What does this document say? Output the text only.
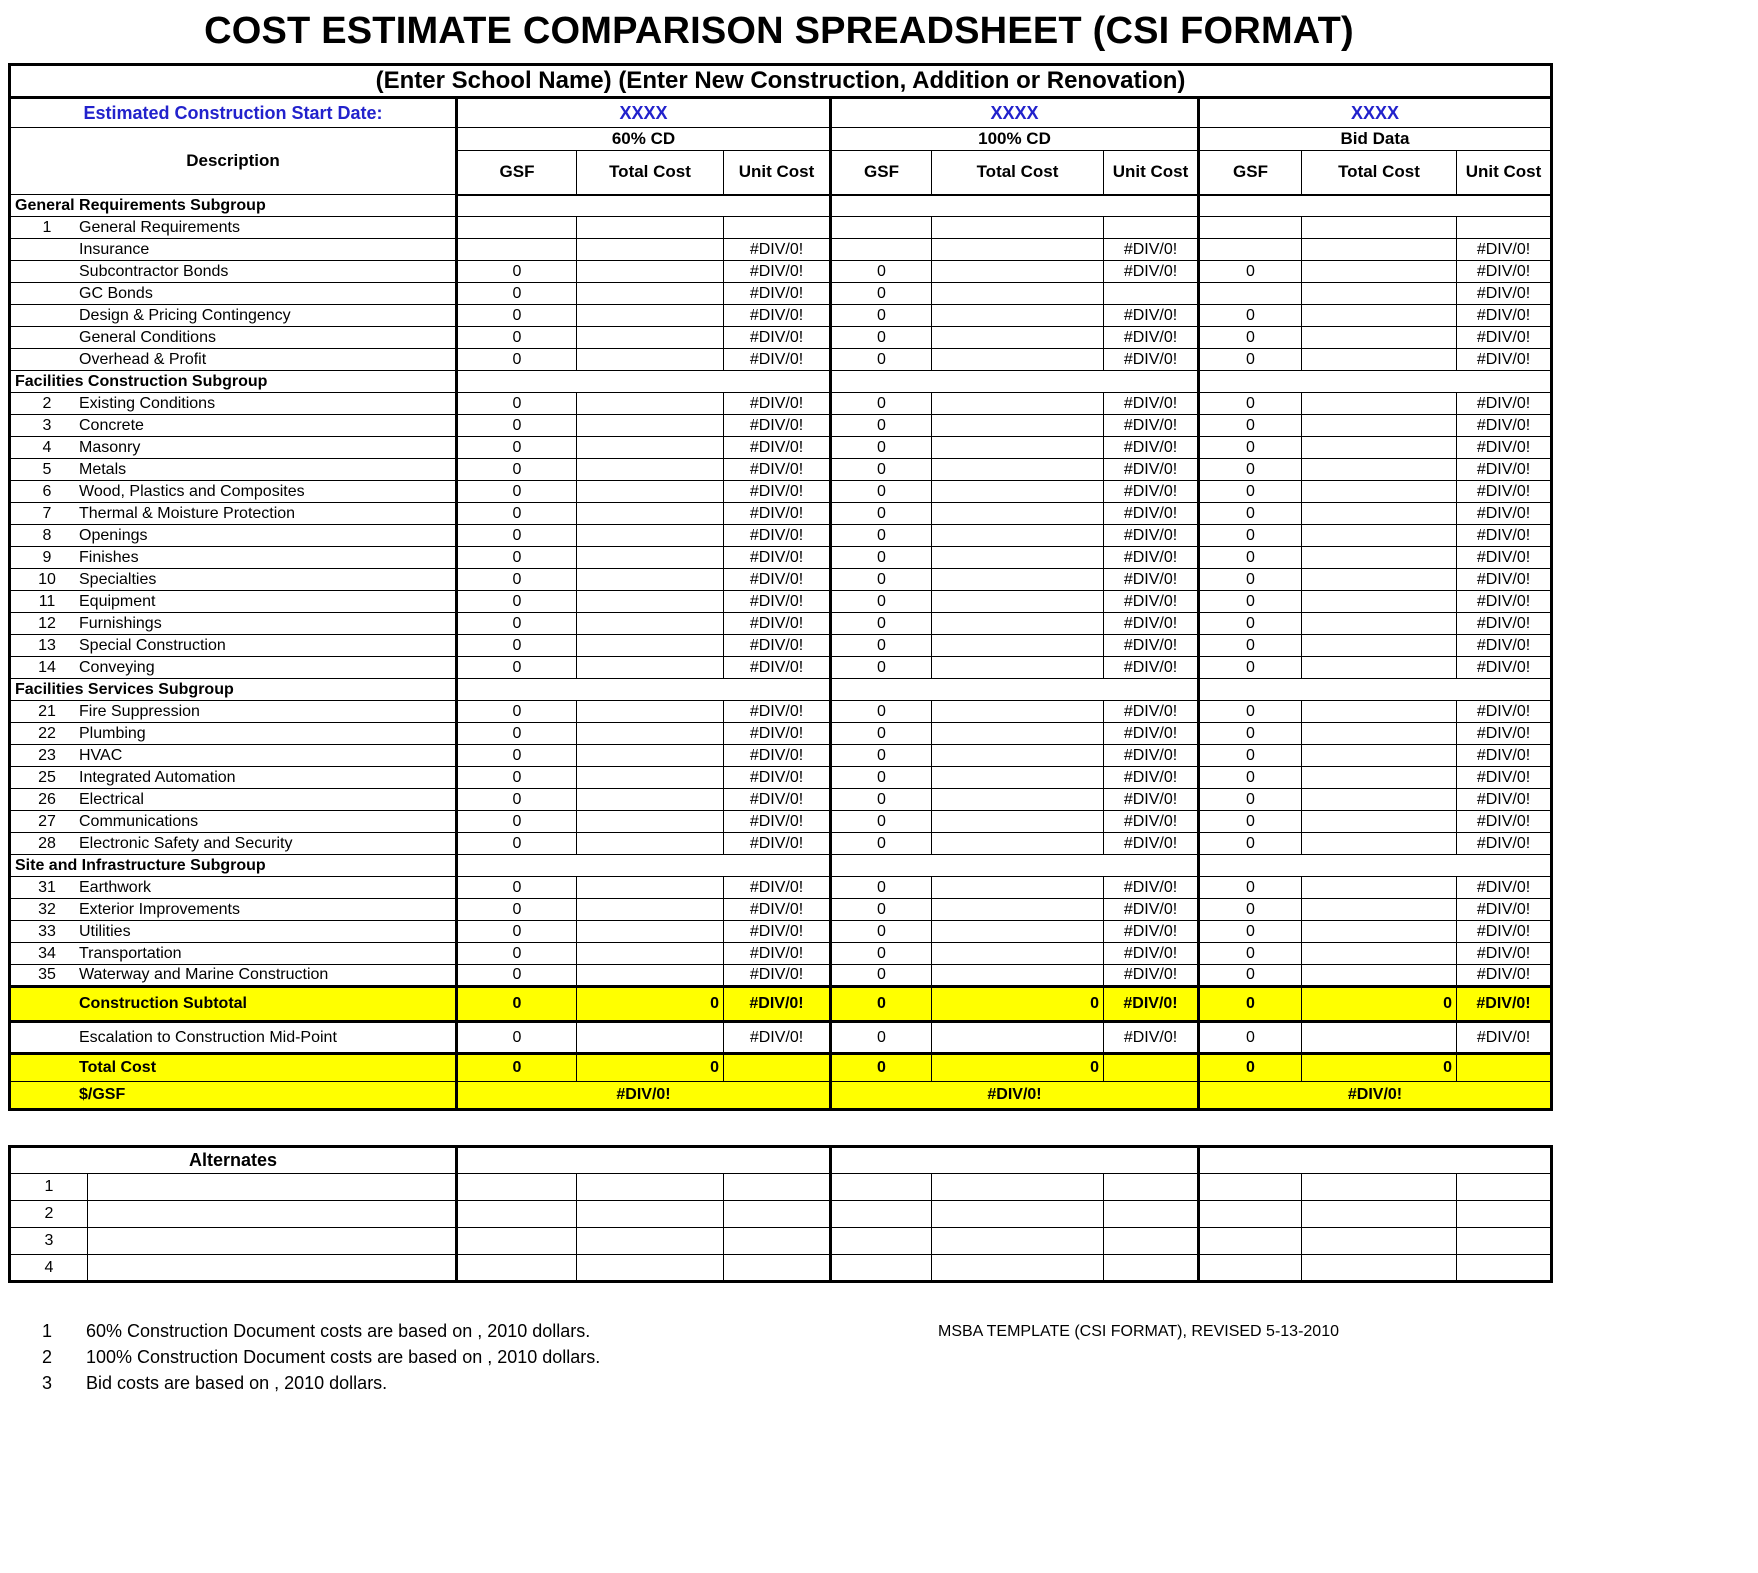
COST ESTIMATE COMPARISON SPREADSHEET (CSI FORMAT)
(Enter School Name) (Enter New Construction, Addition or Renovation)									
Estimated Construction Start Date:	XXXX			XXXX			XXXX		
Description	60% CD			100% CD			Bid Data		
	GSF	Total Cost	Unit Cost	GSF	Total Cost	Unit Cost	GSF	Total Cost	Unit Cost
General Requirements Subgroup									
1 General Requirements									
Insurance			#DIV/0!			#DIV/0!			#DIV/0!
Subcontractor Bonds	0		#DIV/0!	0		#DIV/0!	0		#DIV/0!
GC Bonds	0		#DIV/0!	0					#DIV/0!
Design & Pricing Contingency	0		#DIV/0!	0		#DIV/0!	0		#DIV/0!
General Conditions	0		#DIV/0!	0		#DIV/0!	0		#DIV/0!
Overhead & Profit	0		#DIV/0!	0		#DIV/0!	0		#DIV/0!
Facilities Construction Subgroup									
2 Existing Conditions	0		#DIV/0!	0		#DIV/0!	0		#DIV/0!
3 Concrete	0		#DIV/0!	0		#DIV/0!	0		#DIV/0!
4 Masonry	0		#DIV/0!	0		#DIV/0!	0		#DIV/0!
5 Metals	0		#DIV/0!	0		#DIV/0!	0		#DIV/0!
6 Wood, Plastics and Composites	0		#DIV/0!	0		#DIV/0!	0		#DIV/0!
7 Thermal & Moisture Protection	0		#DIV/0!	0		#DIV/0!	0		#DIV/0!
8 Openings	0		#DIV/0!	0		#DIV/0!	0		#DIV/0!
9 Finishes	0		#DIV/0!	0		#DIV/0!	0		#DIV/0!
10 Specialties	0		#DIV/0!	0		#DIV/0!	0		#DIV/0!
11 Equipment	0		#DIV/0!	0		#DIV/0!	0		#DIV/0!
12 Furnishings	0		#DIV/0!	0		#DIV/0!	0		#DIV/0!
13 Special Construction	0		#DIV/0!	0		#DIV/0!	0		#DIV/0!
14 Conveying	0		#DIV/0!	0		#DIV/0!	0		#DIV/0!
Facilities Services Subgroup									
21 Fire Suppression	0		#DIV/0!	0		#DIV/0!	0		#DIV/0!
22 Plumbing	0		#DIV/0!	0		#DIV/0!	0		#DIV/0!
23 HVAC	0		#DIV/0!	0		#DIV/0!	0		#DIV/0!
25 Integrated Automation	0		#DIV/0!	0		#DIV/0!	0		#DIV/0!
26 Electrical	0		#DIV/0!	0		#DIV/0!	0		#DIV/0!
27 Communications	0		#DIV/0!	0		#DIV/0!	0		#DIV/0!
28 Electronic Safety and Security	0		#DIV/0!	0		#DIV/0!	0		#DIV/0!
Site and Infrastructure Subgroup									
31 Earthwork	0		#DIV/0!	0		#DIV/0!	0		#DIV/0!
32 Exterior Improvements	0		#DIV/0!	0		#DIV/0!	0		#DIV/0!
33 Utilities	0		#DIV/0!	0		#DIV/0!	0		#DIV/0!
34 Transportation	0		#DIV/0!	0		#DIV/0!	0		#DIV/0!
35 Waterway and Marine Construction	0		#DIV/0!	0		#DIV/0!	0		#DIV/0!
Construction Subtotal	0	0	#DIV/0!	0	0	#DIV/0!	0	0	#DIV/0!
Escalation to Construction Mid-Point	0		#DIV/0!	0		#DIV/0!	0		#DIV/0!
Total Cost	0	0		0	0		0	0	
$/GSF	#DIV/0!			#DIV/0!			#DIV/0!		
Alternates										
1										
2										
3										
4										
1	60% Construction Document costs are based on , 2010 dollars.
2	100% Construction Document costs are based on , 2010 dollars.
3	Bid costs are based on , 2010 dollars.
MSBA TEMPLATE (CSI FORMAT), REVISED 5-13-2010
